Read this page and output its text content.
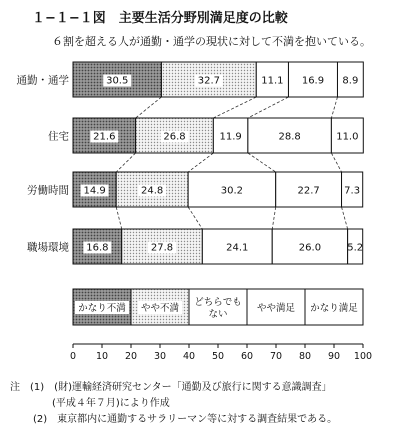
１−１−１図　主要生活分野別満足度の比較
６割を超える人が通勤・通学の現状に対して不満を抱いている。
通勤・通学	30.5	32.7	11.1 16.9 8.9
住宅 21.6	26.8	11.9	28.8	11.0
労働時間 14.9	24.8	30.2	22.7 7.3
職場環境 16.8	27.8	24.1	26.0	5.2
かなり不満 やや不満
どちらでも
ない
やや満足 かなり満足
0 10 20 30 40 50 60 70 80 90 100
注　(1)　(財)運輸経済研究センター「通勤及び旅行に関する意識調査」
(平成４年７月)により作成
(2)　東京都内に通勤するサラリーマン等に対する調査結果である。
